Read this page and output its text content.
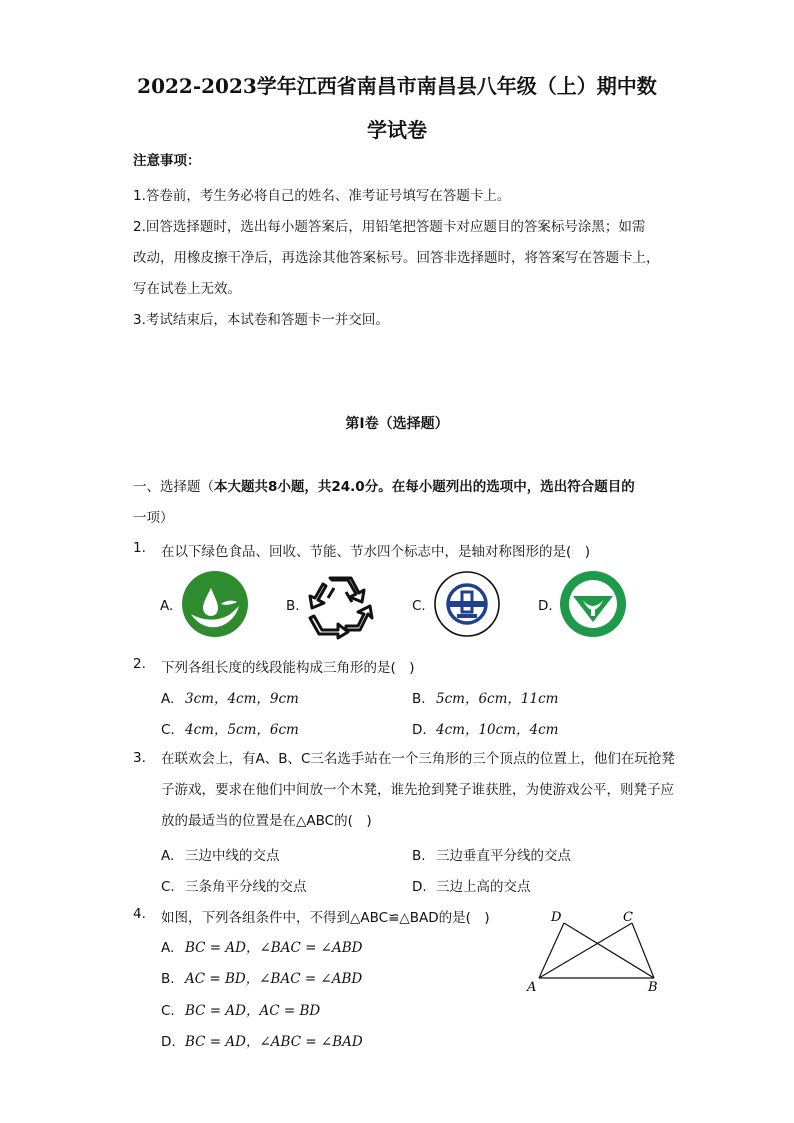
2022-2023学年江西省南昌市南昌县八年级（上）期中数
学试卷
注意事项：
1.答卷前，考生务必将自己的姓名、准考证号填写在答题卡上。
2.回答选择题时，选出每小题答案后，用铅笔把答题卡对应题目的答案标号涂黑；如需
改动，用橡皮擦干净后，再选涂其他答案标号。回答非选择题时，将答案写在答题卡上，
写在试卷上无效。
3.考试结束后，本试卷和答题卡一并交回。
第I卷（选择题）
一、选择题（本大题共8小题，共24.0分。在每小题列出的选项中，选出符合题目的
一项）
1.	在以下绿色食品、回收、节能、节水四个标志中，是轴对称图形的是(　)
A.	B.	C.	D.
2.	下列各组长度的线段能构成三角形的是(　)
A. 3cm，4cm，9cm	B. 5cm，6cm，11cm
C. 4cm，5cm，6cm	D. 4cm，10cm，4cm
3.	在联欢会上，有A、B、C三名选手站在一个三角形的三个顶点的位置上，他们在玩抢凳子游戏，要求在他们中间放一个木凳，谁先抢到凳子谁获胜，为使游戏公平，则凳子应放的最适当的位置是在△ABC的(　)
A. 三边中线的交点	B. 三边垂直平分线的交点
C. 三条角平分线的交点	D. 三边上高的交点
4.	如图，下列各组条件中，不得到△ABC≌△BAD的是(　)
A. BC = AD，∠BAC = ∠ABD
B. AC = BD，∠BAC = ∠ABD
C. BC = AD，AC = BD
D. BC = AD，∠ABC = ∠BAD
D	C
A	B
